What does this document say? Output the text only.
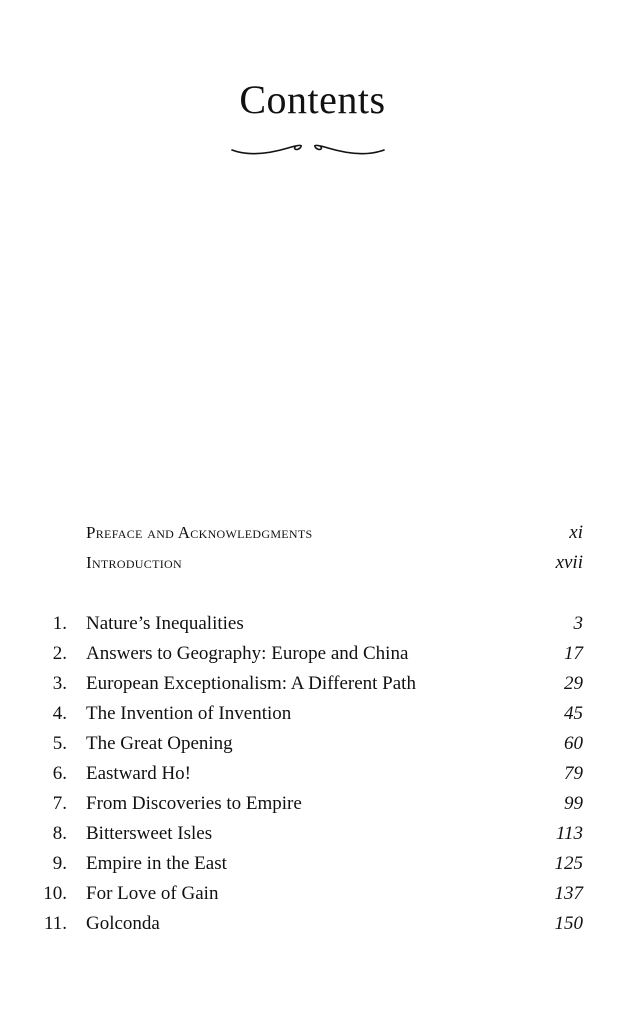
Contents
Preface and Acknowledgments	xi
Introduction	xvii
1. Nature’s Inequalities	3
2. Answers to Geography: Europe and China	17
3. European Exceptionalism: A Different Path	29
4. The Invention of Invention	45
5. The Great Opening	60
6. Eastward Ho!	79
7. From Discoveries to Empire	99
8. Bittersweet Isles	113
9. Empire in the East	125
10. For Love of Gain	137
11. Golconda	150
